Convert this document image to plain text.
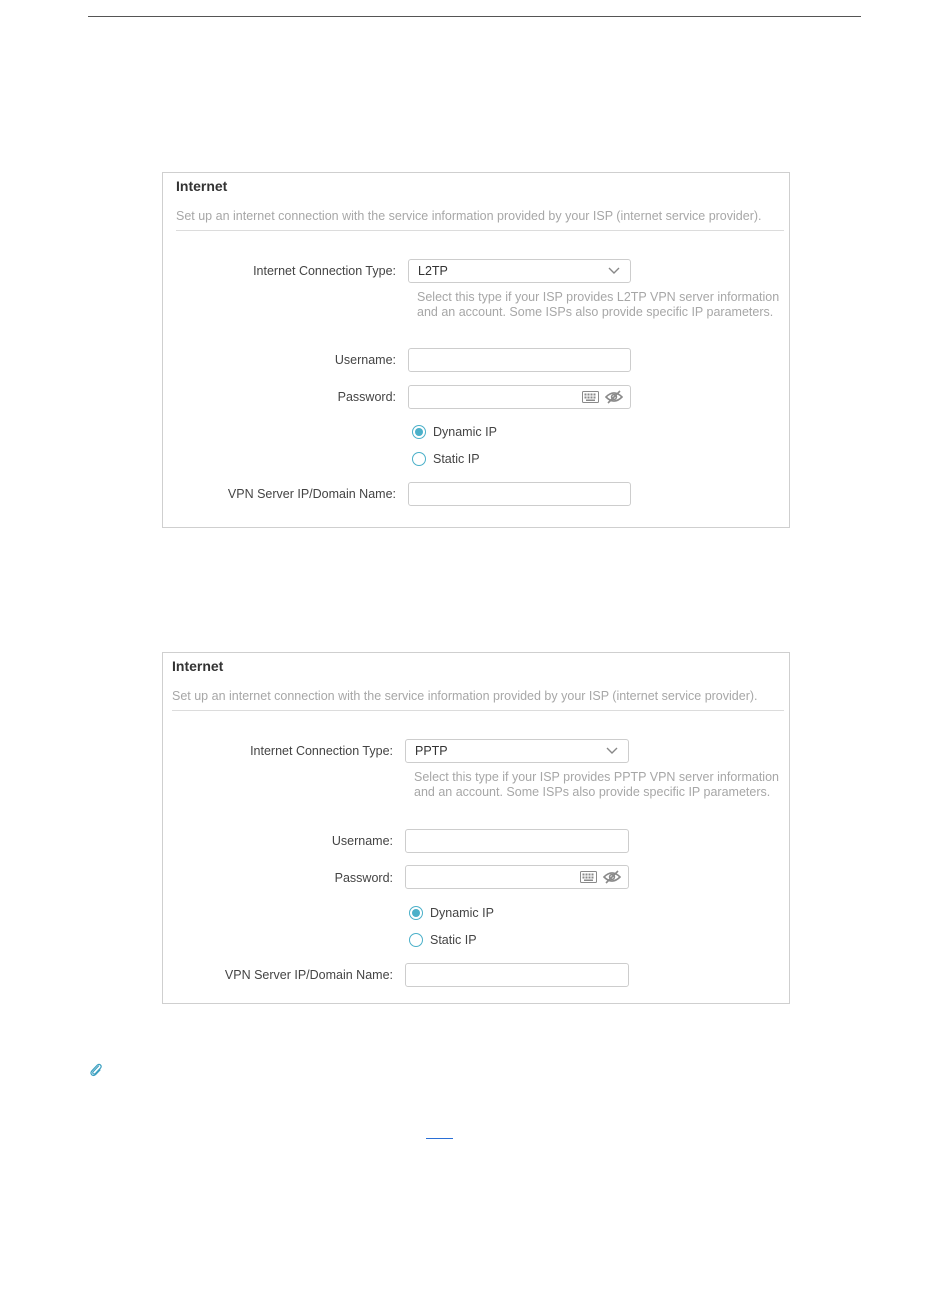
Internet
Set up an internet connection with the service information provided by your ISP (internet service provider).
Internet Connection Type: L2TP
Select this type if your ISP provides L2TP VPN server information and an account. Some ISPs also provide specific IP parameters.
Username:
Password:
Dynamic IP
Static IP
VPN Server IP/Domain Name:
Internet
Set up an internet connection with the service information provided by your ISP (internet service provider).
Internet Connection Type: PPTP
Select this type if your ISP provides PPTP VPN server information and an account. Some ISPs also provide specific IP parameters.
Username:
Password:
Dynamic IP
Static IP
VPN Server IP/Domain Name:
